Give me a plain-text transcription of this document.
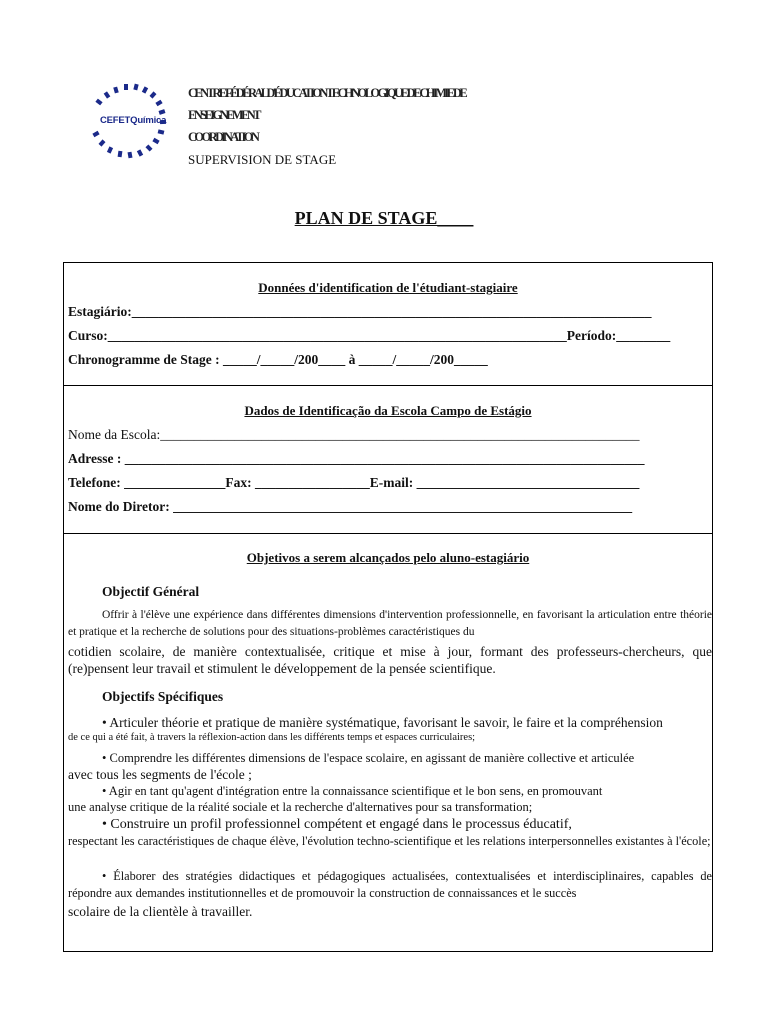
CEFETQuímica
CENTRE FÉDÉRAL D'ÉDUCATION TECHNOLOGIQUE DE CHIMIE DE
ENSEIGNEMENT
COORDINATION
SUPERVISION DE STAGE
PLAN DE STAGE____
Données d'identification de l'étudiant-stagiaire
Estagiário:_____________________________________________________________________________
Curso:____________________________________________________________________Período:________
Chronogramme de Stage : _____/_____/200____ à _____/_____/200_____
Dados de Identificação da Escola Campo de Estágio
Nome da Escola:_______________________________________________________________________
Adresse : _____________________________________________________________________________
Telefone: _______________Fax: _________________E-mail: _________________________________
Nome do Diretor: ____________________________________________________________________
Objetivos a serem alcançados pelo aluno-estagiário
Objectif Général
Offrir à l'élève une expérience dans différentes dimensions d'intervention professionnelle, en favorisant la articulation entre théorie et pratique et la recherche de solutions pour des situations-problèmes caractéristiques du
cotidien scolaire, de manière contextualisée, critique et mise à jour, formant des professeurs-chercheurs, que (re)pensent leur travail et stimulent le développement de la pensée scientifique.
Objectifs Spécifiques
• Articuler théorie et pratique de manière systématique, favorisant le savoir, le faire et la compréhension
de ce qui a été fait, à travers la réflexion-action dans les différents temps et espaces curriculaires;
• Comprendre les différentes dimensions de l'espace scolaire, en agissant de manière collective et articulée
avec tous les segments de l'école ;
• Agir en tant qu'agent d'intégration entre la connaissance scientifique et le bon sens, en promouvant
une analyse critique de la réalité sociale et la recherche d'alternatives pour sa transformation;
• Construire un profil professionnel compétent et engagé dans le processus éducatif,
respectant les caractéristiques de chaque élève, l'évolution techno-scientifique et les relations interpersonnelles existantes à l'école;
• Élaborer des stratégies didactiques et pédagogiques actualisées, contextualisées et interdisciplinaires, capables de répondre aux demandes institutionnelles et de promouvoir la construction de connaissances et le succès
scolaire de la clientèle à travailler.
